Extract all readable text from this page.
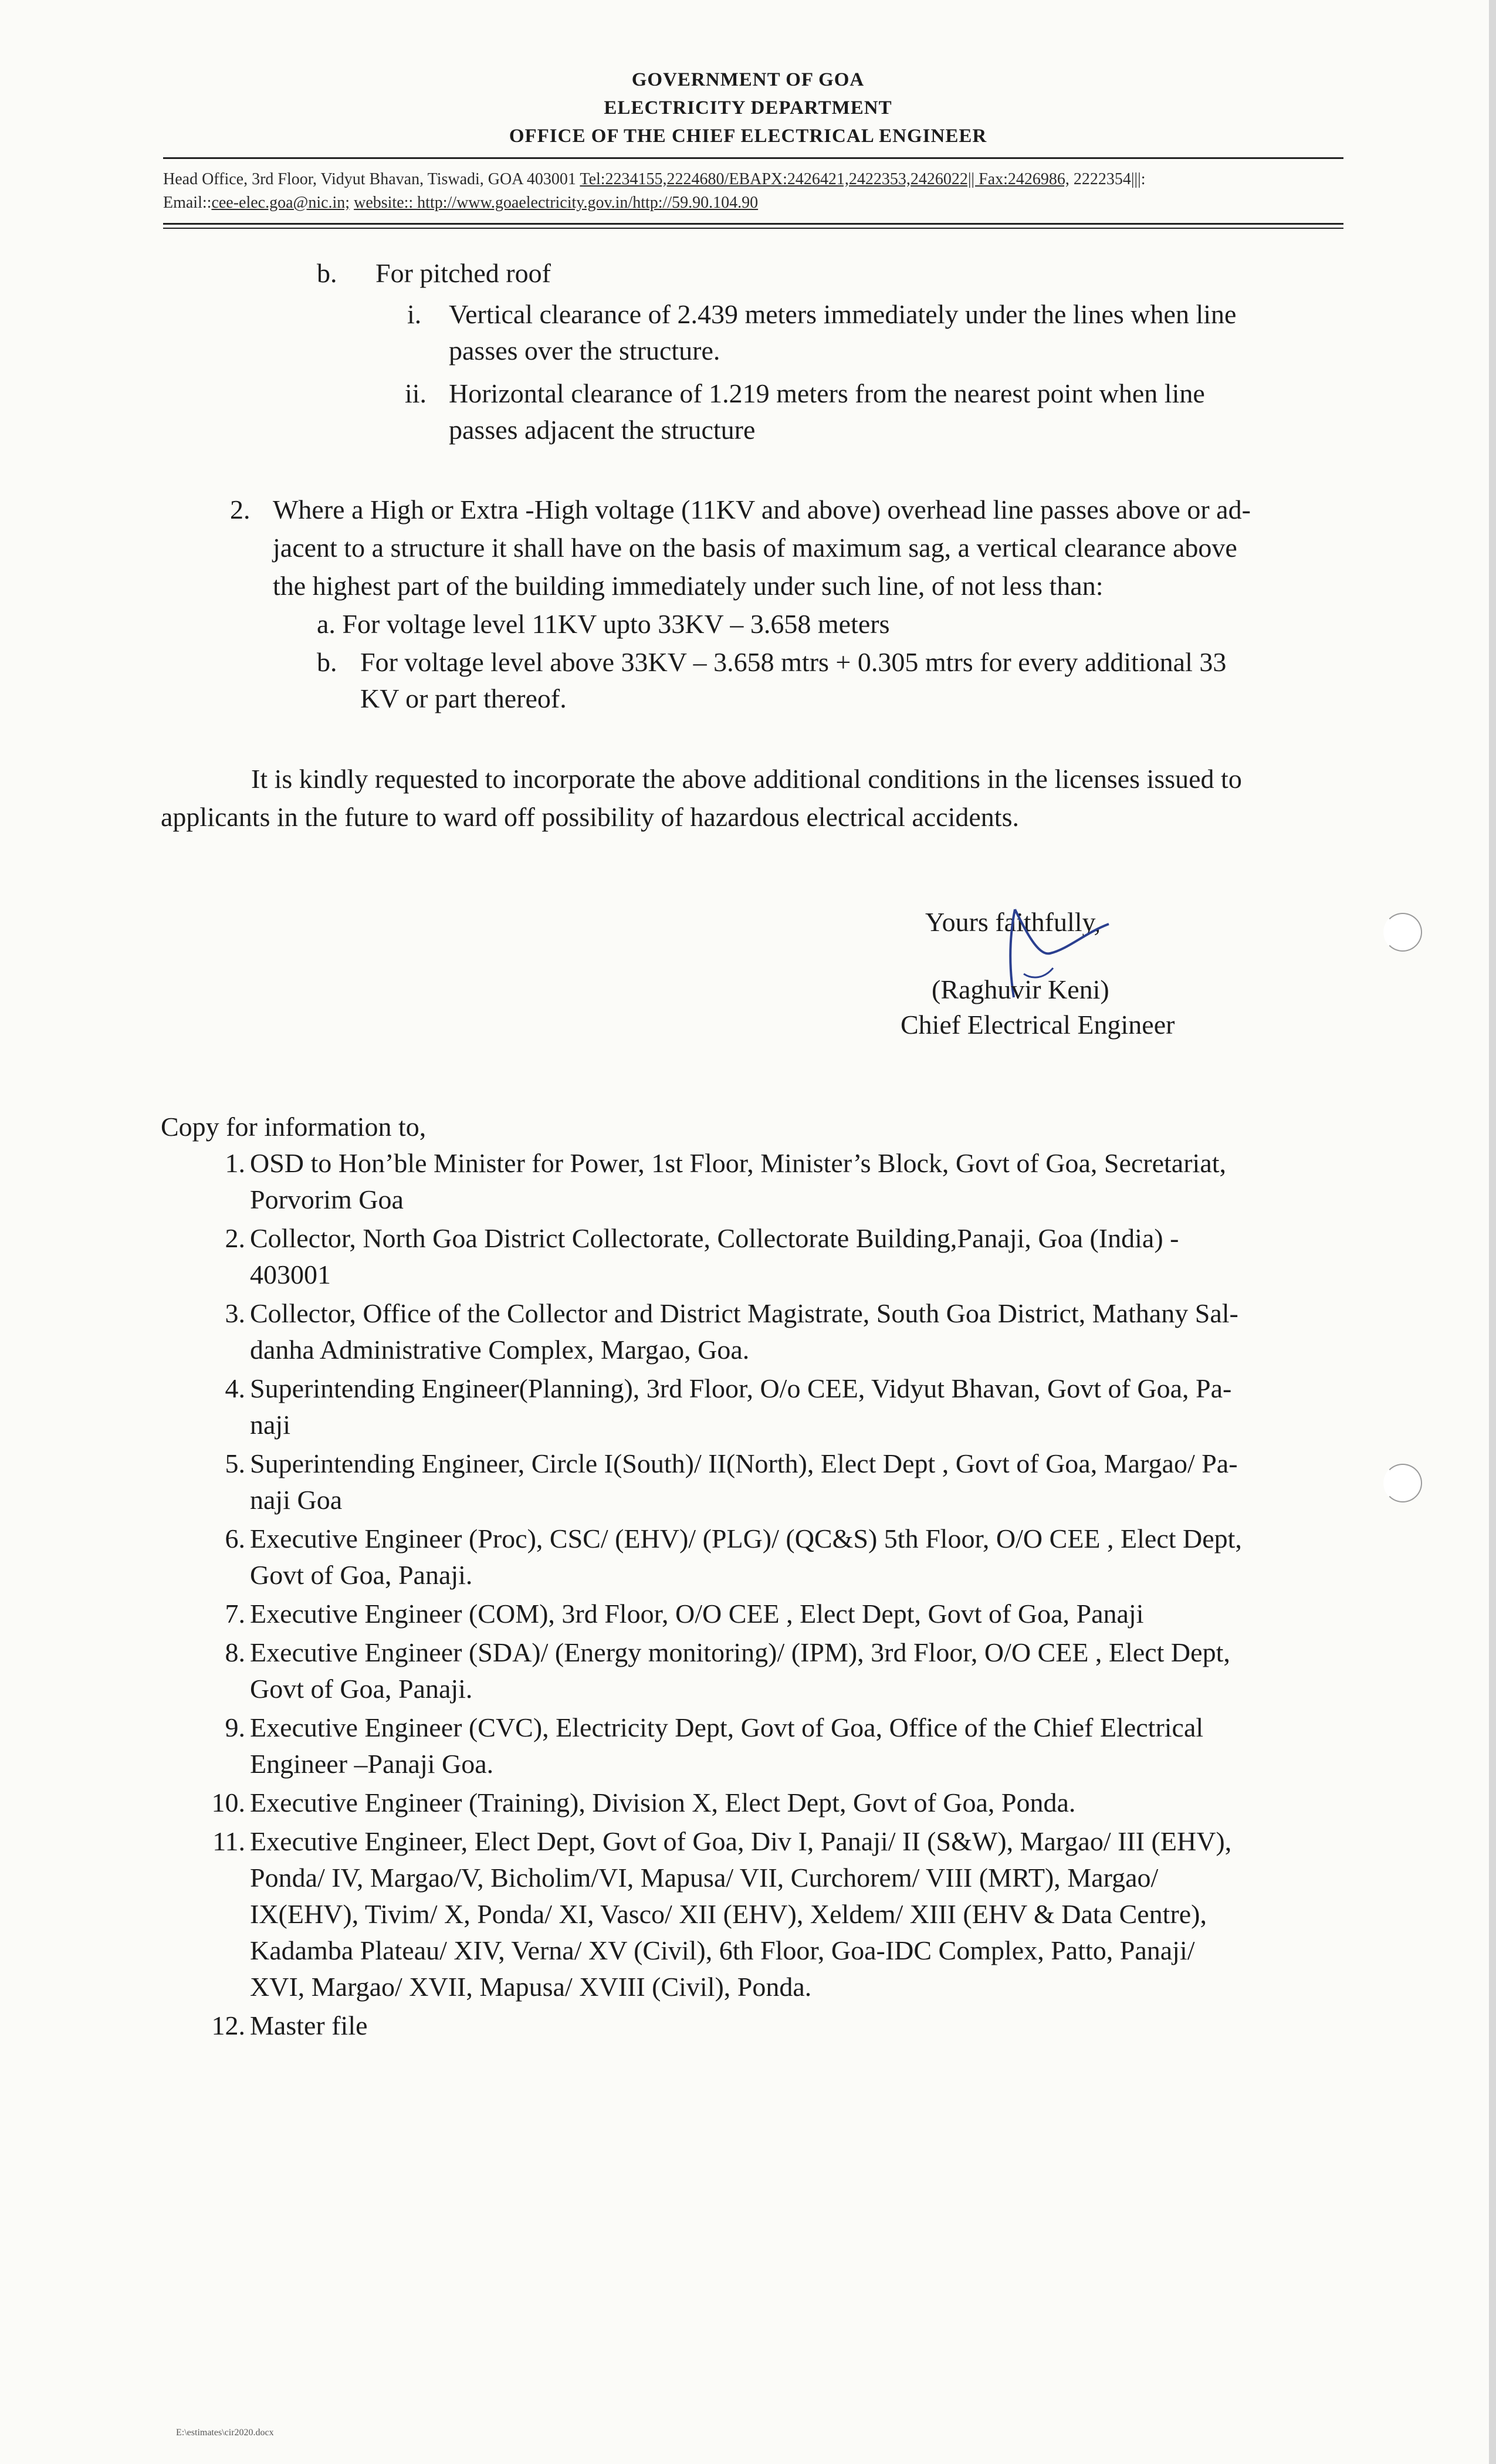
GOVERNMENT OF GOA
ELECTRICITY DEPARTMENT
OFFICE OF THE CHIEF ELECTRICAL ENGINEER
Head Office, 3rd Floor, Vidyut Bhavan, Tiswadi, GOA 403001 Tel:2234155,2224680/EBAPX:2426421,2422353,2426022|| Fax:2426986, 2222354|||:
Email::cee-elec.goa@nic.in; website:: http://www.goaelectricity.gov.in/http://59.90.104.90
b. For pitched roof
i. Vertical clearance of 2.439 meters immediately under the lines when line
passes over the structure.
ii. Horizontal clearance of 1.219 meters from the nearest point when line
passes adjacent the structure
2. Where a High or Extra -High voltage (11KV and above) overhead line passes above or ad-
jacent to a structure it shall have on the basis of maximum sag, a vertical clearance above
the highest part of the building immediately under such line, of not less than:
a. For voltage level 11KV upto 33KV – 3.658 meters
b. For voltage level above 33KV – 3.658 mtrs + 0.305 mtrs for every additional 33
KV or part thereof.
It is kindly requested to incorporate the above additional conditions in the licenses issued to
applicants in the future to ward off possibility of hazardous electrical accidents.
Yours faithfully,
(Raghuvir Keni)
Chief Electrical Engineer
Copy for information to,
1. OSD to Hon’ble Minister for Power, 1st Floor, Minister’s Block, Govt of Goa, Secretariat,
Porvorim Goa
2. Collector, North Goa District Collectorate, Collectorate Building,Panaji, Goa (India) -
403001
3. Collector, Office of the Collector and District Magistrate, South Goa District, Mathany Sal-
danha Administrative Complex, Margao, Goa.
4. Superintending Engineer(Planning), 3rd Floor, O/o CEE, Vidyut Bhavan, Govt of Goa, Pa-
naji
5. Superintending Engineer, Circle I(South)/ II(North), Elect Dept , Govt of Goa, Margao/ Pa-
naji Goa
6. Executive Engineer (Proc), CSC/ (EHV)/ (PLG)/ (QC&S) 5th Floor, O/O CEE , Elect Dept,
Govt of Goa, Panaji.
7. Executive Engineer (COM), 3rd Floor, O/O CEE , Elect Dept, Govt of Goa, Panaji
8. Executive Engineer (SDA)/ (Energy monitoring)/ (IPM), 3rd Floor, O/O CEE , Elect Dept,
Govt of Goa, Panaji.
9. Executive Engineer (CVC), Electricity Dept, Govt of Goa, Office of the Chief Electrical
Engineer –Panaji Goa.
10. Executive Engineer (Training), Division X, Elect Dept, Govt of Goa, Ponda.
11. Executive Engineer, Elect Dept, Govt of Goa, Div I, Panaji/ II (S&W), Margao/ III (EHV),
Ponda/ IV, Margao/V, Bicholim/VI, Mapusa/ VII, Curchorem/ VIII (MRT), Margao/
IX(EHV), Tivim/ X, Ponda/ XI, Vasco/ XII (EHV), Xeldem/ XIII (EHV & Data Centre),
Kadamba Plateau/ XIV, Verna/ XV (Civil), 6th Floor, Goa-IDC Complex, Patto, Panaji/
XVI, Margao/ XVII, Mapusa/ XVIII (Civil), Ponda.
12. Master file
E:\estimates\cir2020.docx
